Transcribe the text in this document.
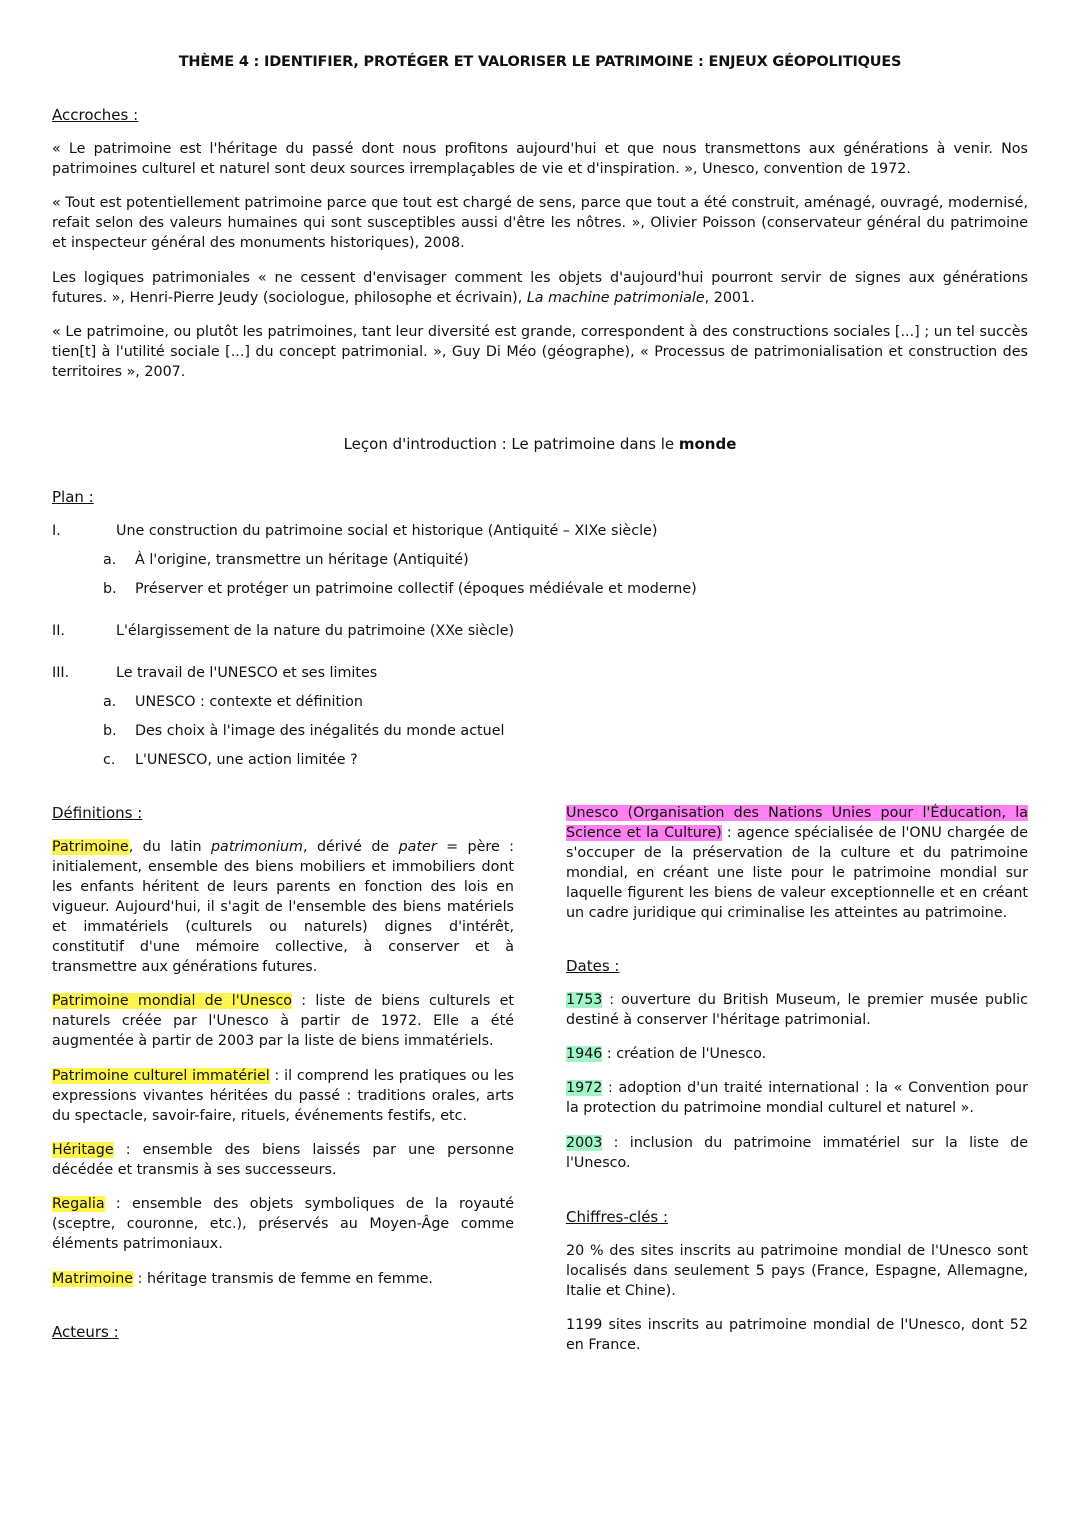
THÈME 4 : IDENTIFIER, PROTÉGER ET VALORISER LE PATRIMOINE : ENJEUX GÉOPOLITIQUES
Accroches :
« Le patrimoine est l'héritage du passé dont nous profitons aujourd'hui et que nous transmettons aux générations à venir. Nos patrimoines culturel et naturel sont deux sources irremplaçables de vie et d'inspiration. », Unesco, convention de 1972.
« Tout est potentiellement patrimoine parce que tout est chargé de sens, parce que tout a été construit, aménagé, ouvragé, modernisé, refait selon des valeurs humaines qui sont susceptibles aussi d'être les nôtres. », Olivier Poisson (conservateur général du patrimoine et inspecteur général des monuments historiques), 2008.
Les logiques patrimoniales « ne cessent d'envisager comment les objets d'aujourd'hui pourront servir de signes aux générations futures. », Henri-Pierre Jeudy (sociologue, philosophe et écrivain), La machine patrimoniale, 2001.
« Le patrimoine, ou plutôt les patrimoines, tant leur diversité est grande, correspondent à des constructions sociales [...] ; un tel succès tien[t] à l'utilité sociale [...] du concept patrimonial. », Guy Di Méo (géographe), « Processus de patrimonialisation et construction des territoires », 2007.
Leçon d'introduction : Le patrimoine dans le monde
Plan :
I.	Une construction du patrimoine social et historique (Antiquité – XIXe siècle)
a. À l'origine, transmettre un héritage (Antiquité)
b. Préserver et protéger un patrimoine collectif (époques médiévale et moderne)
II.	L'élargissement de la nature du patrimoine (XXe siècle)
III.	Le travail de l'UNESCO et ses limites
a. UNESCO : contexte et définition
b. Des choix à l'image des inégalités du monde actuel
c. L'UNESCO, une action limitée ?
Définitions :
Patrimoine, du latin patrimonium, dérivé de pater = père : initialement, ensemble des biens mobiliers et immobiliers dont les enfants héritent de leurs parents en fonction des lois en vigueur. Aujourd'hui, il s'agit de l'ensemble des biens matériels et immatériels (culturels ou naturels) dignes d'intérêt, constitutif d'une mémoire collective, à conserver et à transmettre aux générations futures.
Patrimoine mondial de l'Unesco : liste de biens culturels et naturels créée par l'Unesco à partir de 1972. Elle a été augmentée à partir de 2003 par la liste de biens immatériels.
Patrimoine culturel immatériel : il comprend les pratiques ou les expressions vivantes héritées du passé : traditions orales, arts du spectacle, savoir-faire, rituels, événements festifs, etc.
Héritage : ensemble des biens laissés par une personne décédée et transmis à ses successeurs.
Regalia : ensemble des objets symboliques de la royauté (sceptre, couronne, etc.), préservés au Moyen-Âge comme éléments patrimoniaux.
Matrimoine : héritage transmis de femme en femme.
Acteurs :
Unesco (Organisation des Nations Unies pour l'Éducation, la Science et la Culture) : agence spécialisée de l'ONU chargée de s'occuper de la préservation de la culture et du patrimoine mondial, en créant une liste pour le patrimoine mondial sur laquelle figurent les biens de valeur exceptionnelle et en créant un cadre juridique qui criminalise les atteintes au patrimoine.
Dates :
1753 : ouverture du British Museum, le premier musée public destiné à conserver l'héritage patrimonial.
1946 : création de l'Unesco.
1972 : adoption d'un traité international : la « Convention pour la protection du patrimoine mondial culturel et naturel ».
2003 : inclusion du patrimoine immatériel sur la liste de l'Unesco.
Chiffres-clés :
20 % des sites inscrits au patrimoine mondial de l'Unesco sont localisés dans seulement 5 pays (France, Espagne, Allemagne, Italie et Chine).
1199 sites inscrits au patrimoine mondial de l'Unesco, dont 52 en France.
